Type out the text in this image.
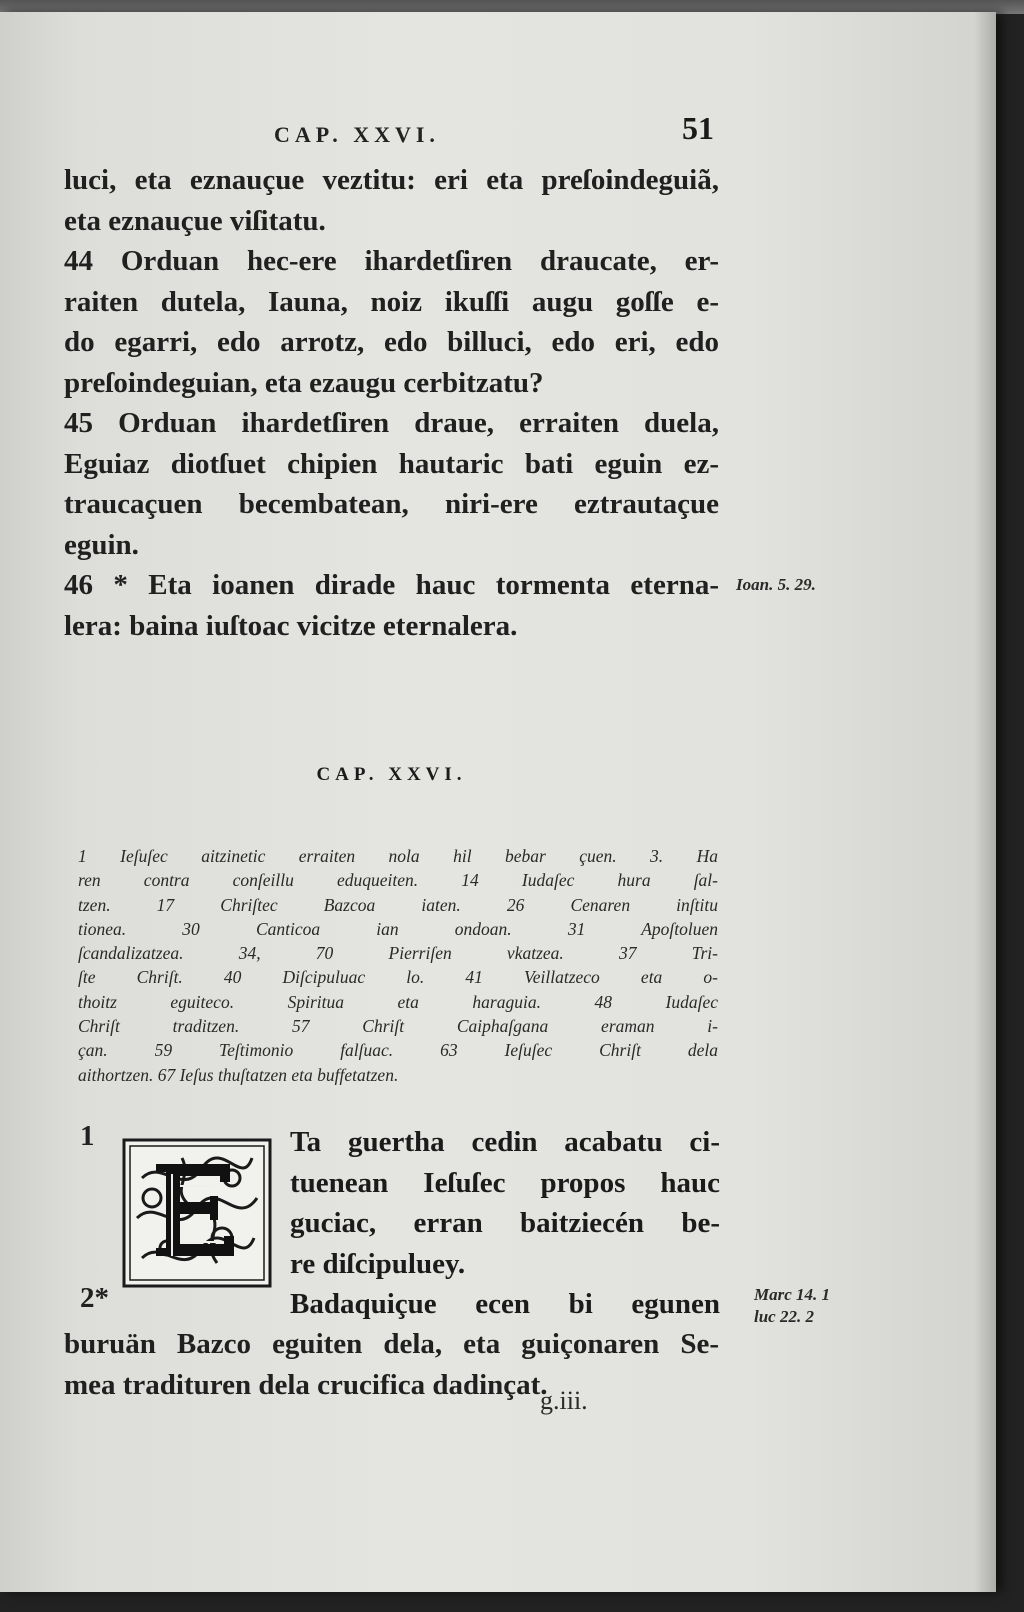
CAP. XXVI.	51

luci, eta eznauçue veztitu: eri eta preſoindeguiã,

eta eznauçue viſitatu.

44 Orduan hec-ere ihardetſiren draucate, er-

raiten dutela, Iauna, noiz ikuſſi augu goſſe e-

do egarri, edo arrotz, edo billuci, edo eri, edo

preſoindeguian, eta ezaugu cerbitzatu?

45 Orduan ihardetſiren draue, erraiten duela,

Eguiaz diotſuet chipien hautaric bati eguin ez-

traucaçuen becembatean, niri-ere eztrautaçue

eguin.

46 * Eta ioanen dirade hauc tormenta eterna-

lera: baina iuſtoac vicitze eternalera.

Ioan. 5. 29.
CAP. XXVI.

1 Ieſuſec aitzinetic erraiten nola hil bebar çuen. 3. Ha

ren contra conſeillu eduqueiten. 14 Iudaſec hura ſal-

tzen. 17 Chriſtec Bazcoa iaten. 26 Cenaren inſtitu

tionea. 30 Canticoa ian ondoan. 31 Apoſtoluen

ſcandalizatzea. 34, 70 Pierriſen vkatzea. 37 Tri-

ſte Chriſt. 40 Diſcipuluac lo. 41 Veillatzeco eta o-

thoitz eguiteco. Spiritua eta haraguia. 48 Iudaſec

Chriſt traditzen. 57 Chriſt Caiphaſgana eraman i-

çan. 59 Teſtimonio falſuac. 63 Ieſuſec Chriſt dela

aithortzen. 67 Ieſus thuſtatzen eta buffetatzen.

1	Ta guertha cedin acabatu ci-

tuenean Ieſuſec propos hauc

guciac, erran baitziecén be-

re diſcipuluey.

Badaquiçue ecen bi egunen

2*

buruän Bazco eguiten dela, eta guiçonaren Se-

mea tradituren dela crucifica dadinçat.

Marc 14. 1
luc 22. 2
g.iii.
